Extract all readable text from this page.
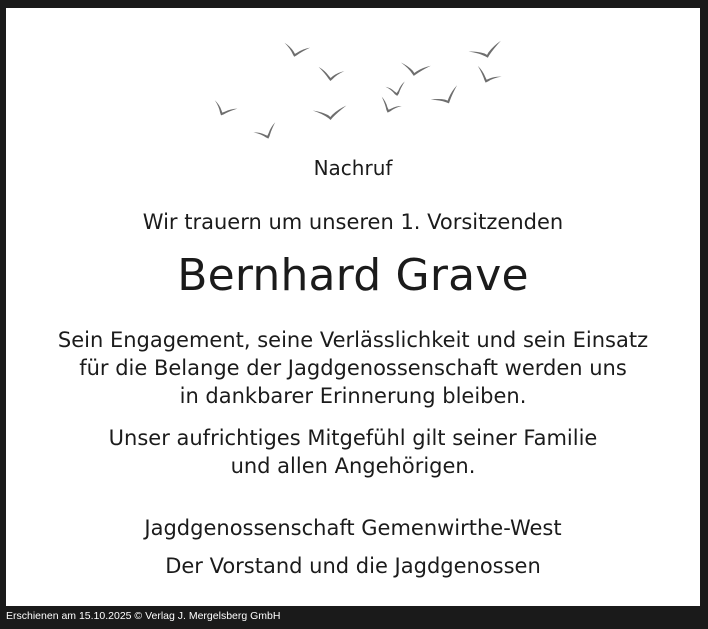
Nachruf
Wir trauern um unseren 1. Vorsitzenden
Bernhard Grave
Sein Engagement, seine Verlässlichkeit und sein Einsatz
für die Belange der Jagdgenossenschaft werden uns
in dankbarer Erinnerung bleiben.
Unser aufrichtiges Mitgefühl gilt seiner Familie
und allen Angehörigen.
Jagdgenossenschaft Gemenwirthe-West
Der Vorstand und die Jagdgenossen
Erschienen am 15.10.2025 © Verlag J. Mergelsberg GmbH
